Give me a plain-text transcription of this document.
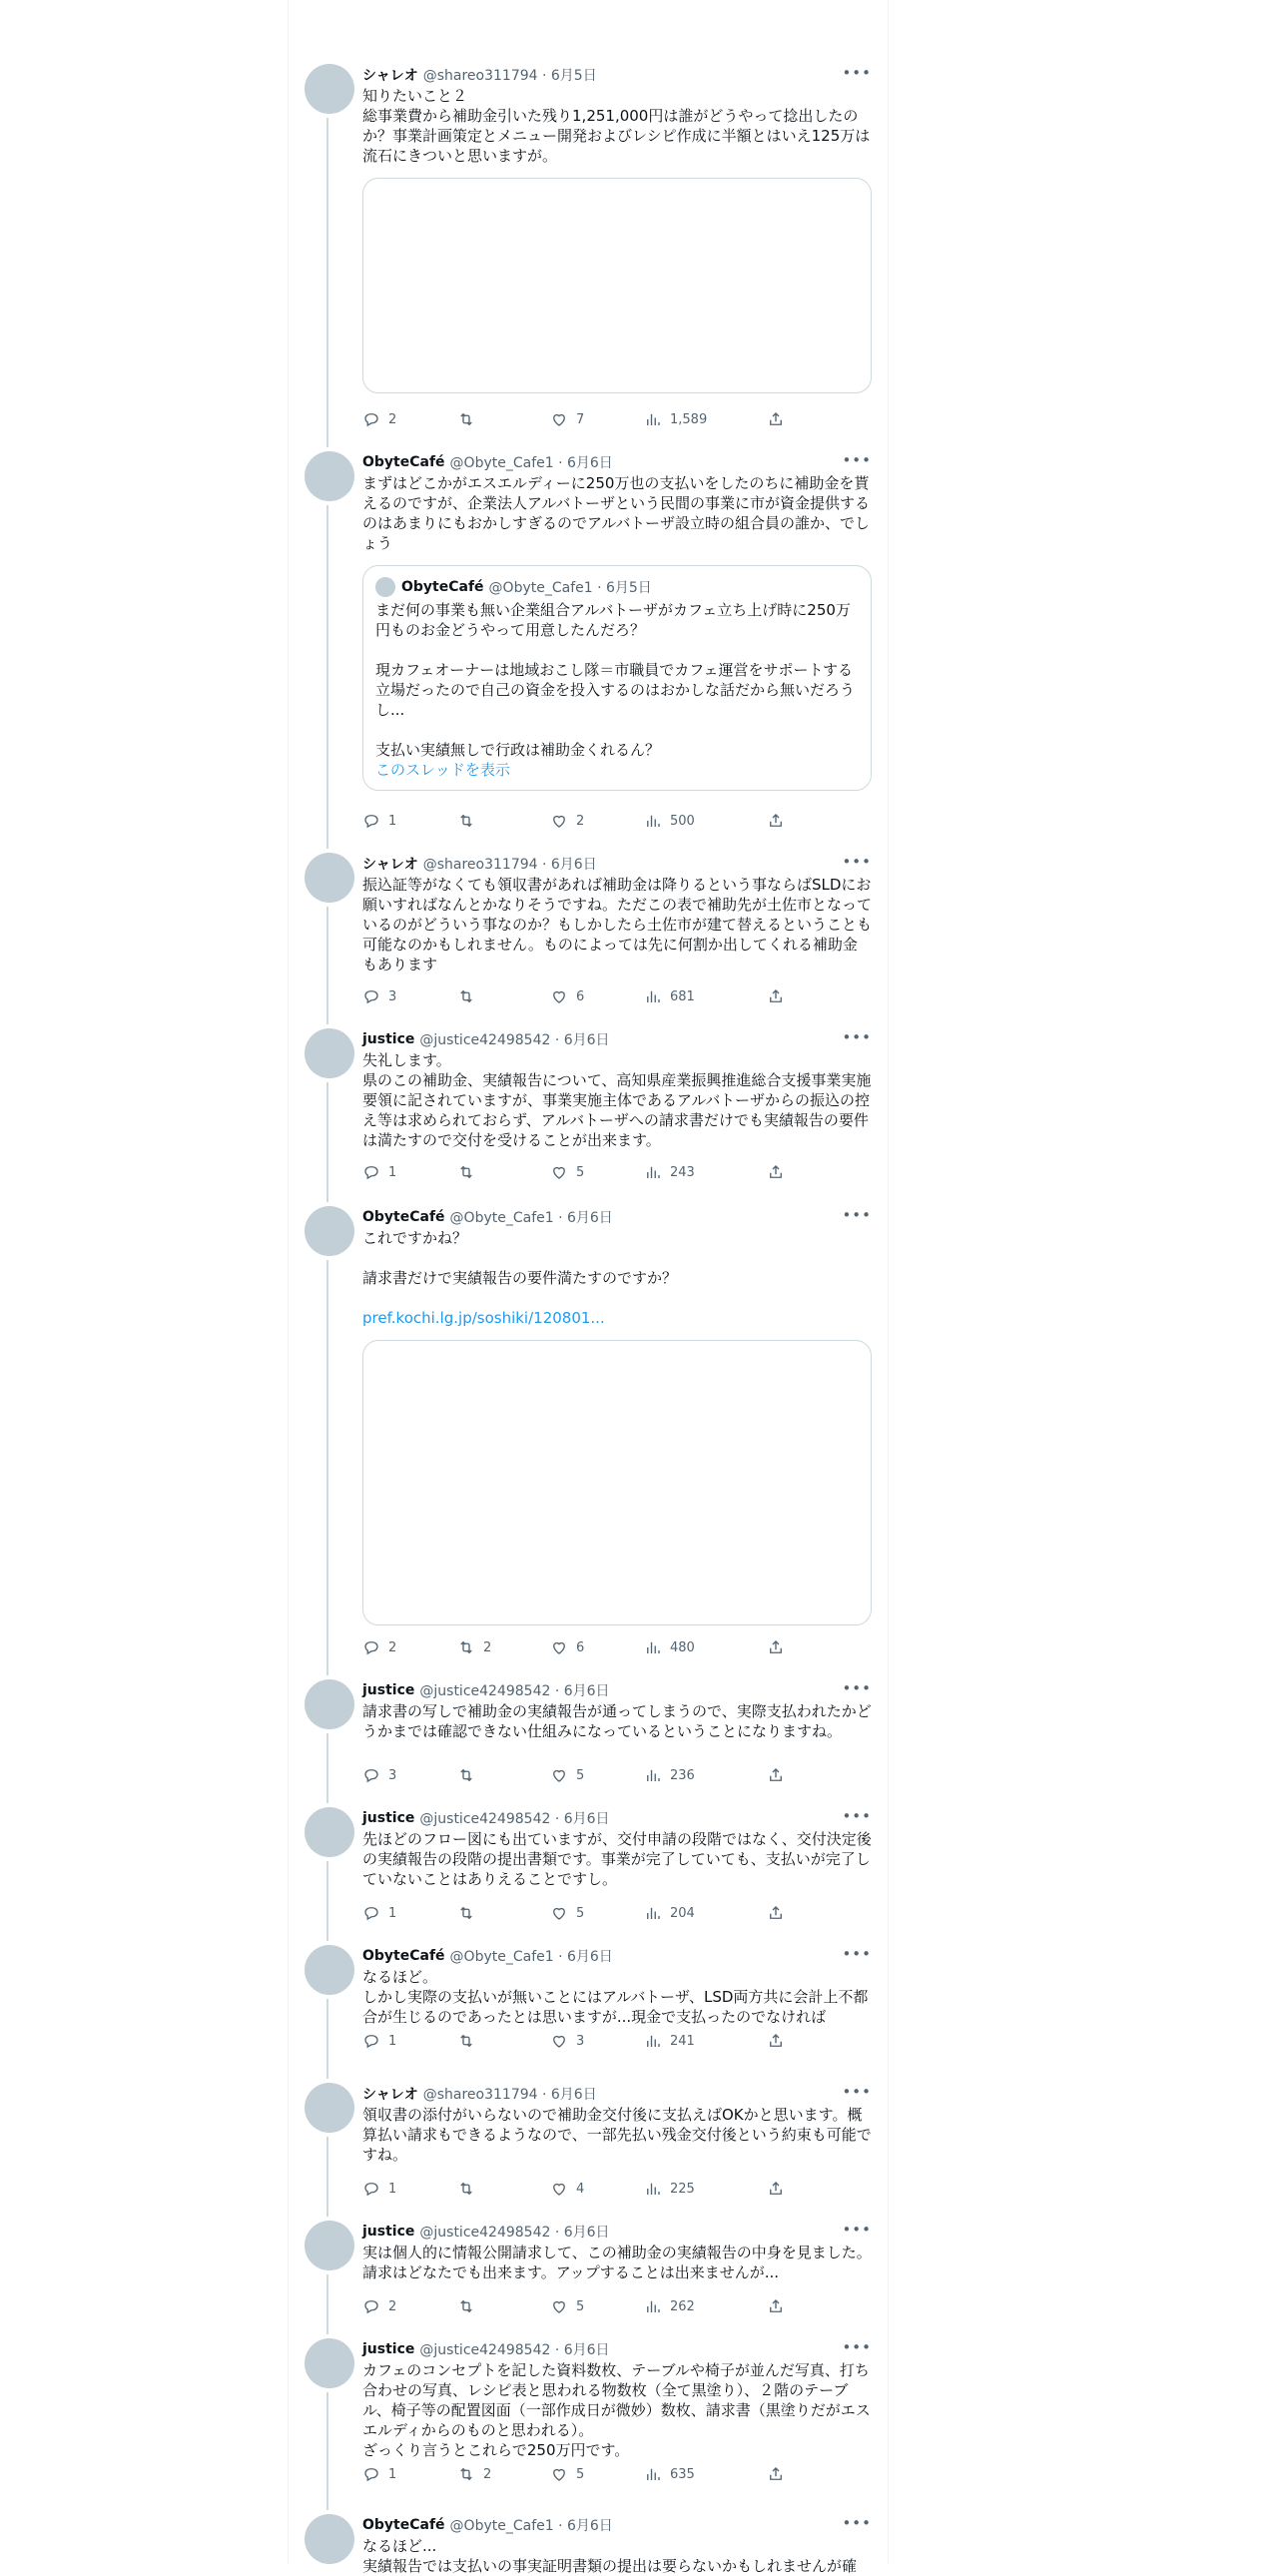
シャレオ @shareo311794 · 6月5日	•••
知りたいこと２
総事業費から補助金引いた残り1,251,000円は誰がどうやって捻出したのか？事業計画策定とメニュー開発およびレシピ作成に半額とはいえ125万は流石にきついと思いますが。
2	7	1,589
ObyteCafé @Obyte_Cafe1 · 6月6日	•••
まずはどこかがエスエルディーに250万也の支払いをしたのちに補助金を貰えるのですが、企業法人アルバトーザという民間の事業に市が資金提供するのはあまりにもおかしすぎるのでアルバトーザ設立時の組合員の誰か、でしょう
ObyteCafé @Obyte_Cafe1 · 6月5日
まだ何の事業も無い企業組合アルバトーザがカフェ立ち上げ時に250万円ものお金どうやって用意したんだろ？

現カフェオーナーは地域おこし隊＝市職員でカフェ運営をサポートする立場だったので自己の資金を投入するのはおかしな話だから無いだろうし...

支払い実績無しで行政は補助金くれるん？
このスレッドを表示
1	2	500
シャレオ @shareo311794 · 6月6日	•••
振込証等がなくても領収書があれば補助金は降りるという事ならばSLDにお願いすればなんとかなりそうですね。ただこの表で補助先が土佐市となっているのがどういう事なのか？もしかしたら土佐市が建て替えるということも可能なのかもしれません。ものによっては先に何割か出してくれる補助金もあります
3	6	681
justice @justice42498542 · 6月6日	•••
失礼します。
県のこの補助金、実績報告について、高知県産業振興推進総合支援事業実施要領に記されていますが、事業実施主体であるアルバトーザからの振込の控え等は求められておらず、アルバトーザへの請求書だけでも実績報告の要件は満たすので交付を受けることが出来ます。
1	5	243
ObyteCafé @Obyte_Cafe1 · 6月6日	•••
これですかね？

請求書だけで実績報告の要件満たすのですか？
pref.kochi.lg.jp/soshiki/120801...
2	2	6	480
justice @justice42498542 · 6月6日	•••
請求書の写しで補助金の実績報告が通ってしまうので、実際支払われたかどうかまでは確認できない仕組みになっているということになりますね。
3	5	236
justice @justice42498542 · 6月6日	•••
先ほどのフロー図にも出ていますが、交付申請の段階ではなく、交付決定後の実績報告の段階の提出書類です。事業が完了していても、支払いが完了していないことはありえることですし。
1	5	204
ObyteCafé @Obyte_Cafe1 · 6月6日	•••
なるほど。
しかし実際の支払いが無いことにはアルバトーザ、LSD両方共に会計上不都合が生じるのであったとは思いますが...現金で支払ったのでなければ
1	3	241
シャレオ @shareo311794 · 6月6日	•••
領収書の添付がいらないので補助金交付後に支払えばOKかと思います。概算払い請求もできるようなので、一部先払い残金交付後という約束も可能ですね。
1	4	225
justice @justice42498542 · 6月6日	•••
実は個人的に情報公開請求して、この補助金の実績報告の中身を見ました。請求はどなたでも出来ます。アップすることは出来ませんが...
2	5	262
justice @justice42498542 · 6月6日	•••
カフェのコンセプトを記した資料数枚、テーブルや椅子が並んだ写真、打ち合わせの写真、レシピ表と思われる物数枚（全て黒塗り）、２階のテーブル、椅子等の配置図面（一部作成日が微妙）数枚、請求書（黒塗りだがエスエルディからのものと思われる）。
ざっくり言うとこれらで250万円です。
1	2	5	635
ObyteCafé @Obyte_Cafe1 · 6月6日	•••
なるほど...
実績報告では支払いの事実証明書類の提出は要らないかもしれませんが確
